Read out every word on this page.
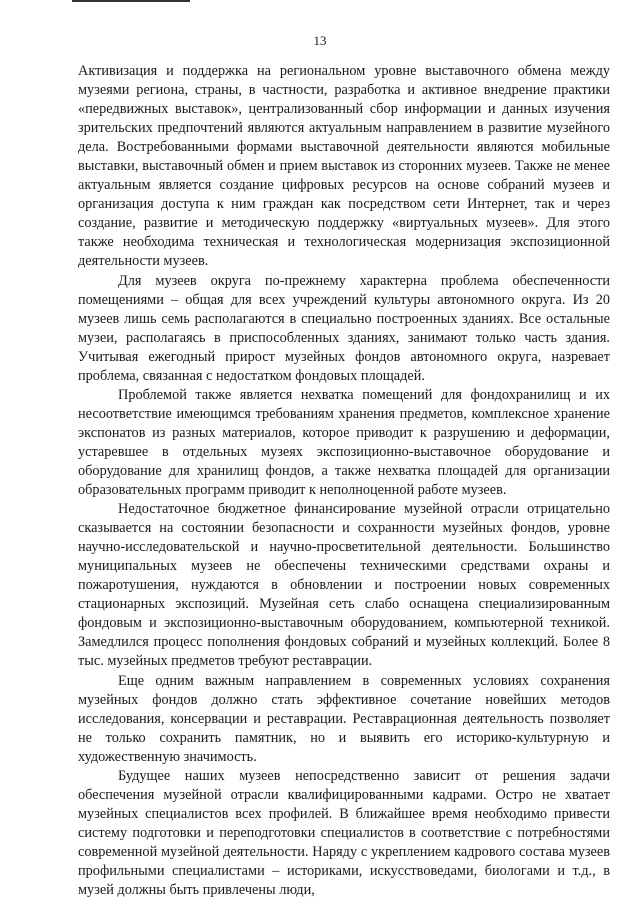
13

Активизация и поддержка на региональном уровне выставочного обмена между музеями региона, страны, в частности, разработка и активное внедрение практики «передвижных выставок», централизованный сбор информации и данных изучения зрительских предпочтений являются актуальным направлением в развитие музейного дела. Востребованными формами выставочной деятельности являются мобильные выставки, выставочный обмен и прием выставок из сторонних музеев. Также не менее актуальным является создание цифровых ресурсов на основе собраний музеев и организация доступа к ним граждан как посредством сети Интернет, так и через создание, развитие и методическую поддержку «виртуальных музеев». Для этого также необходима техническая и технологическая модернизация экспозиционной деятельности музеев.

Для музеев округа по-прежнему характерна проблема обеспеченности помещениями – общая для всех учреждений культуры автономного округа. Из 20 музеев лишь семь располагаются в специально построенных зданиях. Все остальные музеи, располагаясь в приспособленных зданиях, занимают только часть здания. Учитывая ежегодный прирост музейных фондов автономного округа, назревает проблема, связанная с недостатком фондовых площадей.

Проблемой также является нехватка помещений для фондохранилищ и их несоответствие имеющимся требованиям хранения предметов, комплексное хранение экспонатов из разных материалов, которое приводит к разрушению и деформации, устаревшее в отдельных музеях экспозиционно-выставочное оборудование и оборудование для хранилищ фондов, а также нехватка площадей для организации образовательных программ приводит к неполноценной работе музеев.

Недостаточное бюджетное финансирование музейной отрасли отрицательно сказывается на состоянии безопасности и сохранности музейных фондов, уровне научно-исследовательской и научно-просветительной деятельности. Большинство муниципальных музеев не обеспечены техническими средствами охраны и пожаротушения, нуждаются в обновлении и построении новых современных стационарных экспозиций. Музейная сеть слабо оснащена специализированным фондовым и экспозиционно-выставочным оборудованием, компьютерной техникой. Замедлился процесс пополнения фондовых собраний и музейных коллекций. Более 8 тыс. музейных предметов требуют реставрации.

Еще одним важным направлением в современных условиях сохранения музейных фондов должно стать эффективное сочетание новейших методов исследования, консервации и реставрации. Реставрационная деятельность позволяет не только сохранить памятник, но и выявить его историко-культурную и художественную значимость.

Будущее наших музеев непосредственно зависит от решения задачи обеспечения музейной отрасли квалифицированными кадрами. Остро не хватает музейных специалистов всех профилей. В ближайшее время необходимо привести систему подготовки и переподготовки специалистов в соответствие с потребностями современной музейной деятельности. Наряду с укреплением кадрового состава музеев профильными специалистами – историками, искусствоведами, биологами и т.д., в музей должны быть привлечены люди,
